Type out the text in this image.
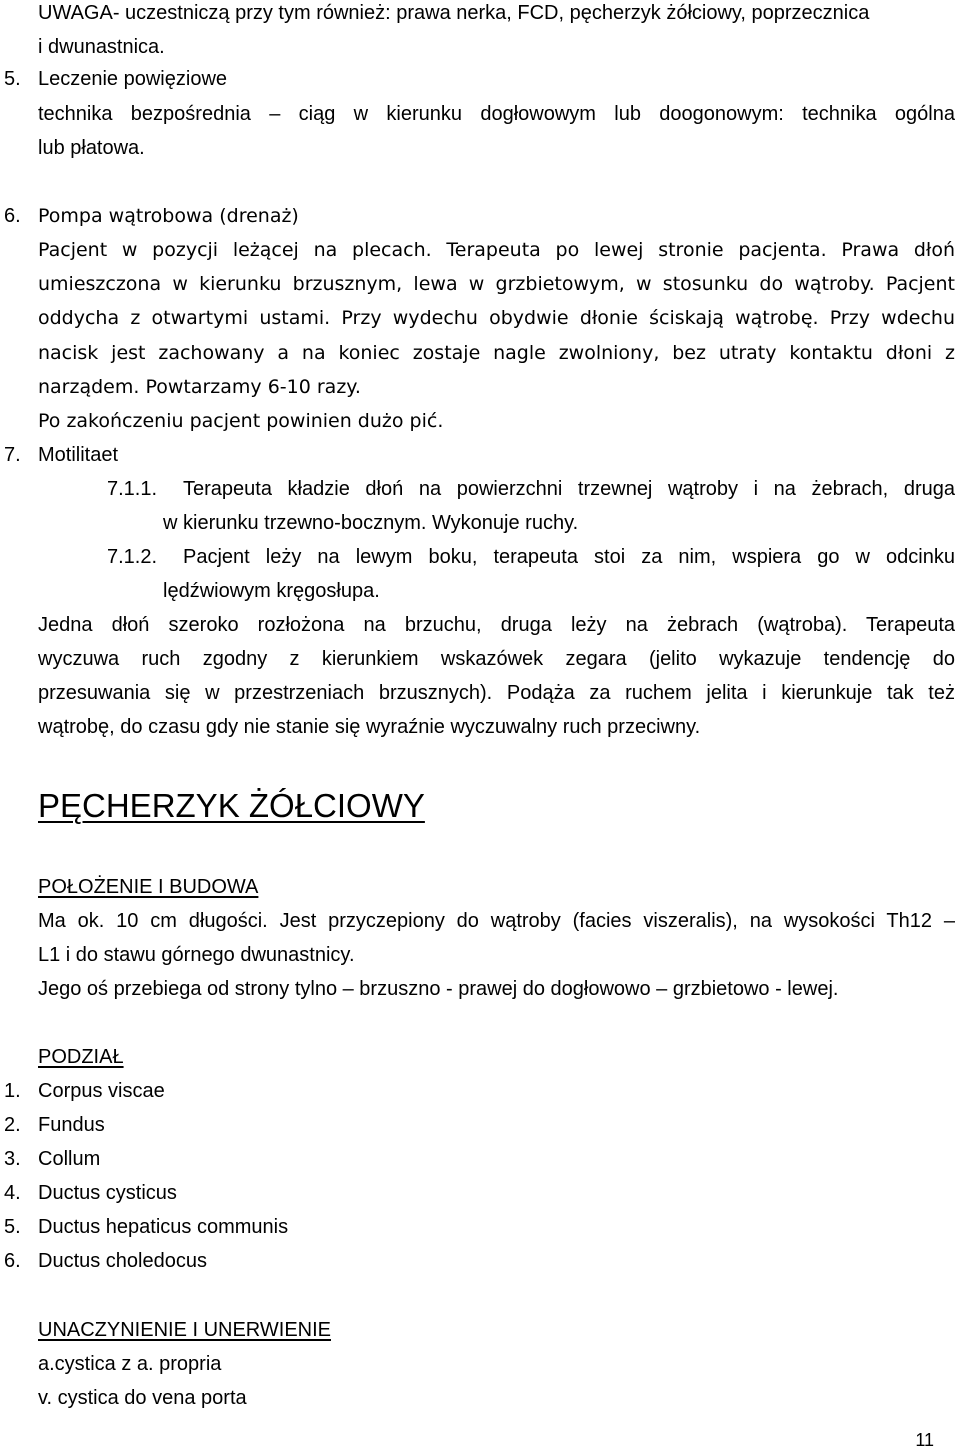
UWAGA- uczestniczą przy tym również: prawa nerka, FCD, pęcherzyk żółciowy, poprzecznica
i dwunastnica.
5. Leczenie powięziowe
technika bezpośrednia – ciąg w kierunku dogłowowym lub doogonowym: technika ogólna
lub płatowa.
6. Pompa wątrobowa (drenaż)
Pacjent w pozycji leżącej na plecach. Terapeuta po lewej stronie pacjenta. Prawa dłoń
umieszczona w kierunku brzusznym, lewa w grzbietowym, w stosunku do wątroby. Pacjent
oddycha z otwartymi ustami. Przy wydechu obydwie dłonie ściskają wątrobę. Przy wdechu
nacisk jest zachowany a na koniec zostaje nagle zwolniony, bez utraty kontaktu dłoni z
narządem. Powtarzamy 6-10 razy.
Po zakończeniu pacjent powinien dużo pić.
7. Motilitaet
7.1.1. Terapeuta kładzie dłoń na powierzchni trzewnej wątroby i na żebrach, druga
w kierunku trzewno-bocznym. Wykonuje ruchy.
7.1.2. Pacjent leży na lewym boku, terapeuta stoi za nim, wspiera go w odcinku
lędźwiowym kręgosłupa.
Jedna dłoń szeroko rozłożona na brzuchu, druga leży na żebrach (wątroba). Terapeuta
wyczuwa ruch zgodny z kierunkiem wskazówek zegara (jelito wykazuje tendencję do
przesuwania się w przestrzeniach brzusznych). Podąża za ruchem jelita i kierunkuje tak też
wątrobę, do czasu gdy nie stanie się wyraźnie wyczuwalny ruch przeciwny.
PĘCHERZYK ŻÓŁCIOWY
POŁOŻENIE I BUDOWA
Ma ok. 10 cm długości. Jest przyczepiony do wątroby (facies viszeralis), na wysokości Th12 –
L1 i do stawu górnego dwunastnicy.
Jego oś przebiega od strony tylno – brzuszno - prawej do dogłowowo – grzbietowo - lewej.
PODZIAŁ
1. Corpus viscae
2. Fundus
3. Collum
4. Ductus cysticus
5. Ductus hepaticus communis
6. Ductus choledocus
UNACZYNIENIE I UNERWIENIE
a.cystica z a. propria
v. cystica do vena porta
11
